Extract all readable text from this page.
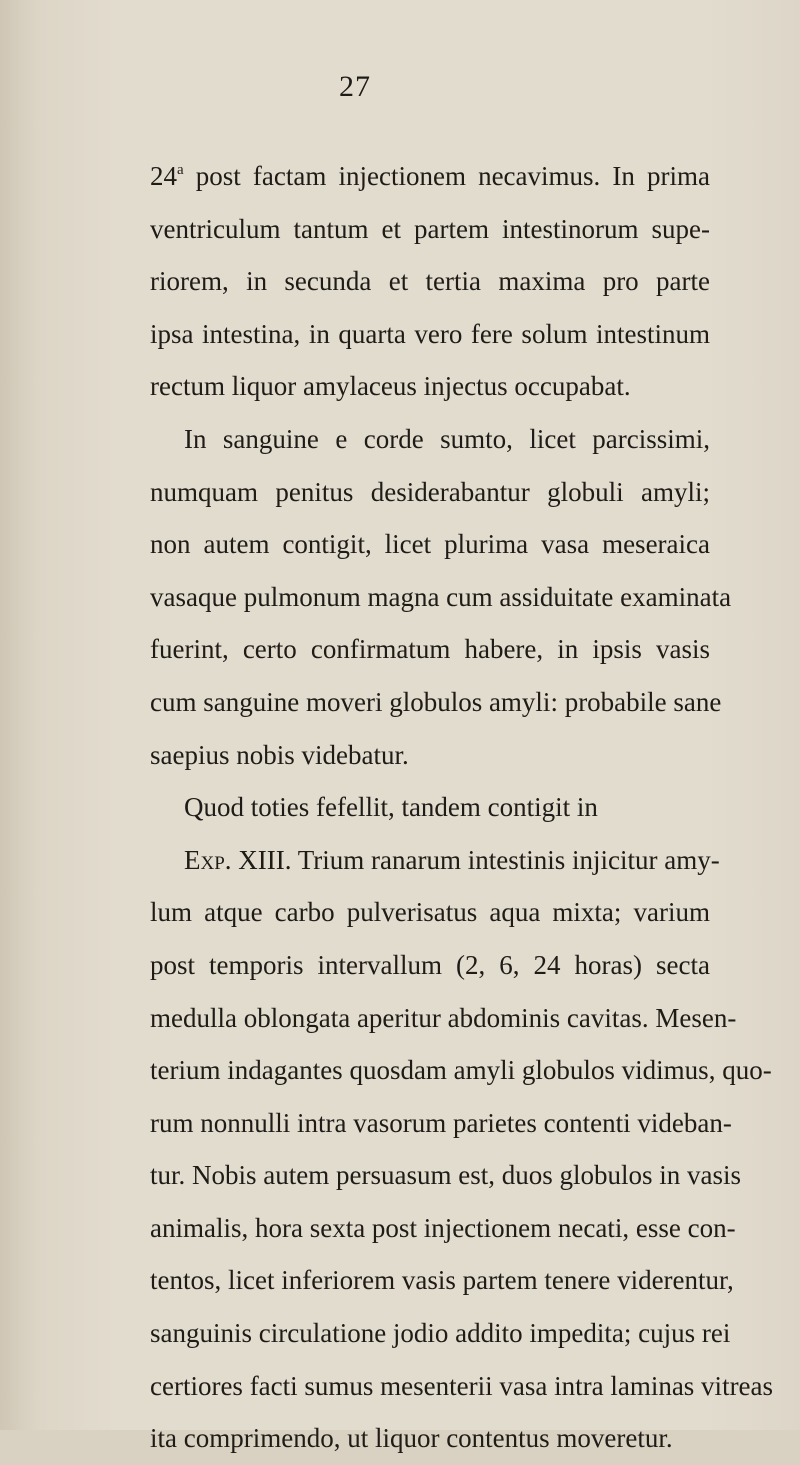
27
24$^a$ post factam injectionem necavimus. In prima
ventriculum tantum et partem intestinorum supe-
riorem, in secunda et tertia maxima pro parte
ipsa intestina, in quarta vero fere solum intestinum
rectum liquor amylaceus injectus occupabat.
In sanguine e corde sumto, licet parcissimi,
numquam penitus desiderabantur globuli amyli;
non autem contigit, licet plurima vasa meseraica
vasaque pulmonum magna cum assiduitate examinata
fuerint, certo confirmatum habere, in ipsis vasis
cum sanguine moveri globulos amyli: probabile sane
saepius nobis videbatur.
Quod toties fefellit, tandem contigit in
Exp. XIII. Trium ranarum intestinis injicitur amy-
lum atque carbo pulverisatus aqua mixta; varium
post temporis intervallum (2, 6, 24 horas) secta
medulla oblongata aperitur abdominis cavitas. Mesen-
terium indagantes quosdam amyli globulos vidimus, quo-
rum nonnulli intra vasorum parietes contenti videban-
tur. Nobis autem persuasum est, duos globulos in vasis
animalis, hora sexta post injectionem necati, esse con-
tentos, licet inferiorem vasis partem tenere viderentur,
sanguinis circulatione jodio addito impedita; cujus rei
certiores facti sumus mesenterii vasa intra laminas vitreas
ita comprimendo, ut liquor contentus moveretur.
